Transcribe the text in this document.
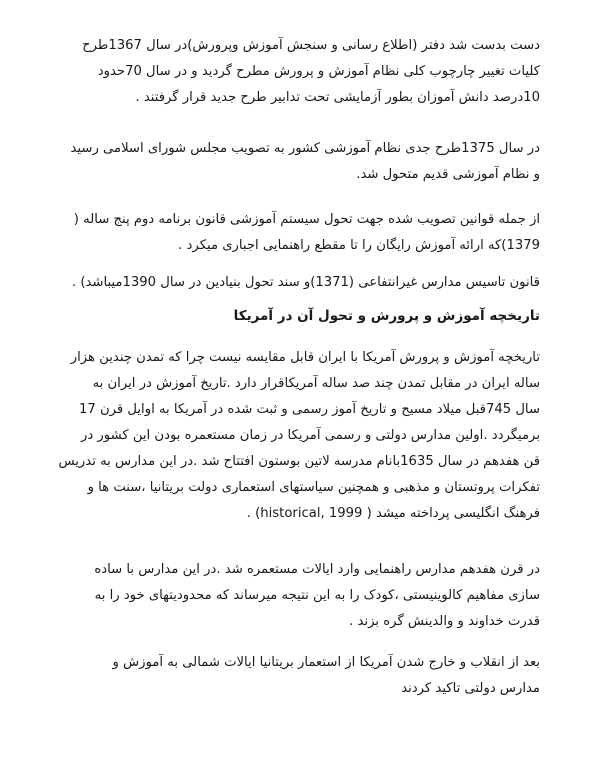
دست بدست شد دفتر (اطلاع رسانی و سنجش آموزش وپرورش)در سال 1367طرح
کلیات تغییر چارچوب کلی نظام آموزش و پرورش مطرح گردید و در سال 70حدود
10درصد دانش آموزان بطور آزمایشی تحت تدابیر طرح جدید قرار گرفتند .

در سال 1375طرح جدی نظام آموزشی کشور به تصویب مجلس شورای اسلامی رسید
و نظام آموزشی قدیم متحول شد.

از جمله قوانین تصویب شده جهت تحول سیستم آموزشی قانون برنامه دوم پنج ساله (
1379)که ارائه آموزش رایگان را تا مقطع راهنمایی اجباری میکرد .

قانون تاسیس مدارس غیرانتفاعی (1371)و سند تحول بنیادین در سال 1390میباشد) .

تاریخچه آموزش و پرورش و تحول آن در آمریکا

تاریخچه آموزش و پرورش آمریکا با ایران قابل مقایسه نیست چرا که تمدن چندین هزار
ساله ایران در مقابل تمدن چند صد ساله آمریکاقرار دارد .تاریخ آموزش در ایران به
سال 745قبل میلاد مسیح و تاریخ آموز رسمی و ثبت شده در آمریکا به اوایل قرن 17
برمیگردد .اولین مدارس دولتی و رسمی آمریکا در زمان مستعمره بودن این کشور در
قن هفدهم در سال 1635بانام مدرسه لاتین بوستون افتتاح شد .در این مدارس به تدریس
تفکرات پروتستان و مذهبی و همچنین سیاستهای استعماری دولت بریتانیا ،سنت ها و
فرهنگ انگلیسی پرداخته میشد ( historical, 1999) .

در قرن هفدهم مدارس راهنمایی وارد ایالات مستعمره شد .در این مدارس با ساده
سازی مفاهیم کالوینیستی ،کودک را به این نتیجه میرساند که محدودیتهای خود را به
قدرت خداوند و والدینش گره بزند .

بعد از انقلاب و خارج شدن آمریکا از استعمار بریتانیا ایالات شمالی به آموزش و
مدارس دولتی تاکید کردند
